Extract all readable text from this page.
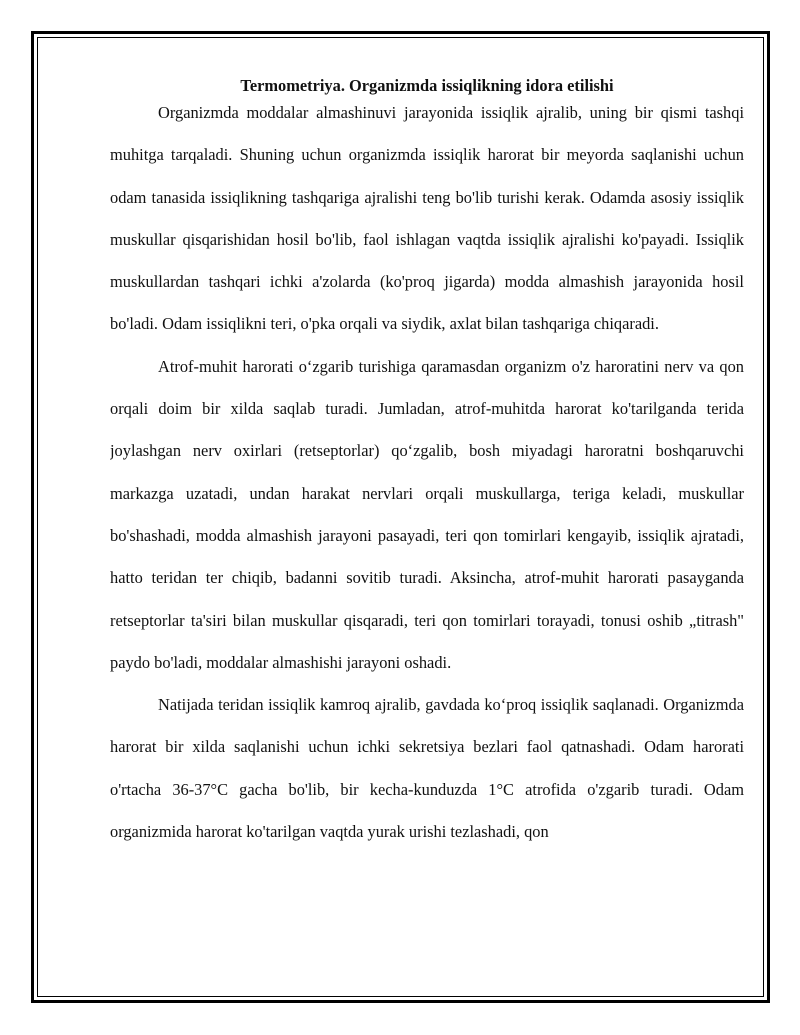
Termometriya. Organizmda issiqlikning idora etilishi

Organizmda moddalar almashinuvi jarayonida issiqlik ajralib, uning bir qismi tashqi muhitga tarqaladi. Shuning uchun organizmda issiqlik harorat bir meyorda saqlanishi uchun odam tanasida issiqlikning tashqariga ajralishi teng bo'lib turishi kerak. Odamda asosiy issiqlik muskullar qisqarishidan hosil bo'lib, faol ishlagan vaqtda issiqlik ajralishi ko'payadi. Issiqlik muskullardan tashqari ichki a'zolarda (ko'proq jigarda) modda almashish jarayonida hosil bo'ladi. Odam issiqlikni teri, o'pka orqali va siydik, axlat bilan tashqariga chiqaradi.

Atrof-muhit harorati o‘zgarib turishiga qaramasdan organizm o'z haroratini nerv va qon orqali doim bir xilda saqlab turadi. Jumladan, atrof-muhitda harorat ko'tarilganda terida joylashgan nerv oxirlari (retseptorlar) qo‘zgalib, bosh miyadagi haroratni boshqaruvchi markazga uzatadi, undan harakat nervlari orqali muskullarga, teriga keladi, muskullar bo'shashadi, modda almashish jarayoni pasayadi, teri qon tomirlari kengayib, issiqlik ajratadi, hatto teridan ter chiqib, badanni sovitib turadi. Aksincha, atrof-muhit harorati pasayganda retseptorlar ta'siri bilan muskullar qisqaradi, teri qon tomirlari torayadi, tonusi oshib „titrash" paydo bo'ladi, moddalar almashishi jarayoni oshadi.

Natijada teridan issiqlik kamroq ajralib, gavdada ko‘proq issiqlik saqlanadi. Organizmda harorat bir xilda saqlanishi uchun ichki sekretsiya bezlari faol qatnashadi. Odam harorati o'rtacha 36-37°C gacha bo'lib, bir kecha-kunduzda 1°C atrofida o'zgarib turadi. Odam organizmida harorat ko'tarilgan vaqtda yurak urishi tezlashadi, qon
